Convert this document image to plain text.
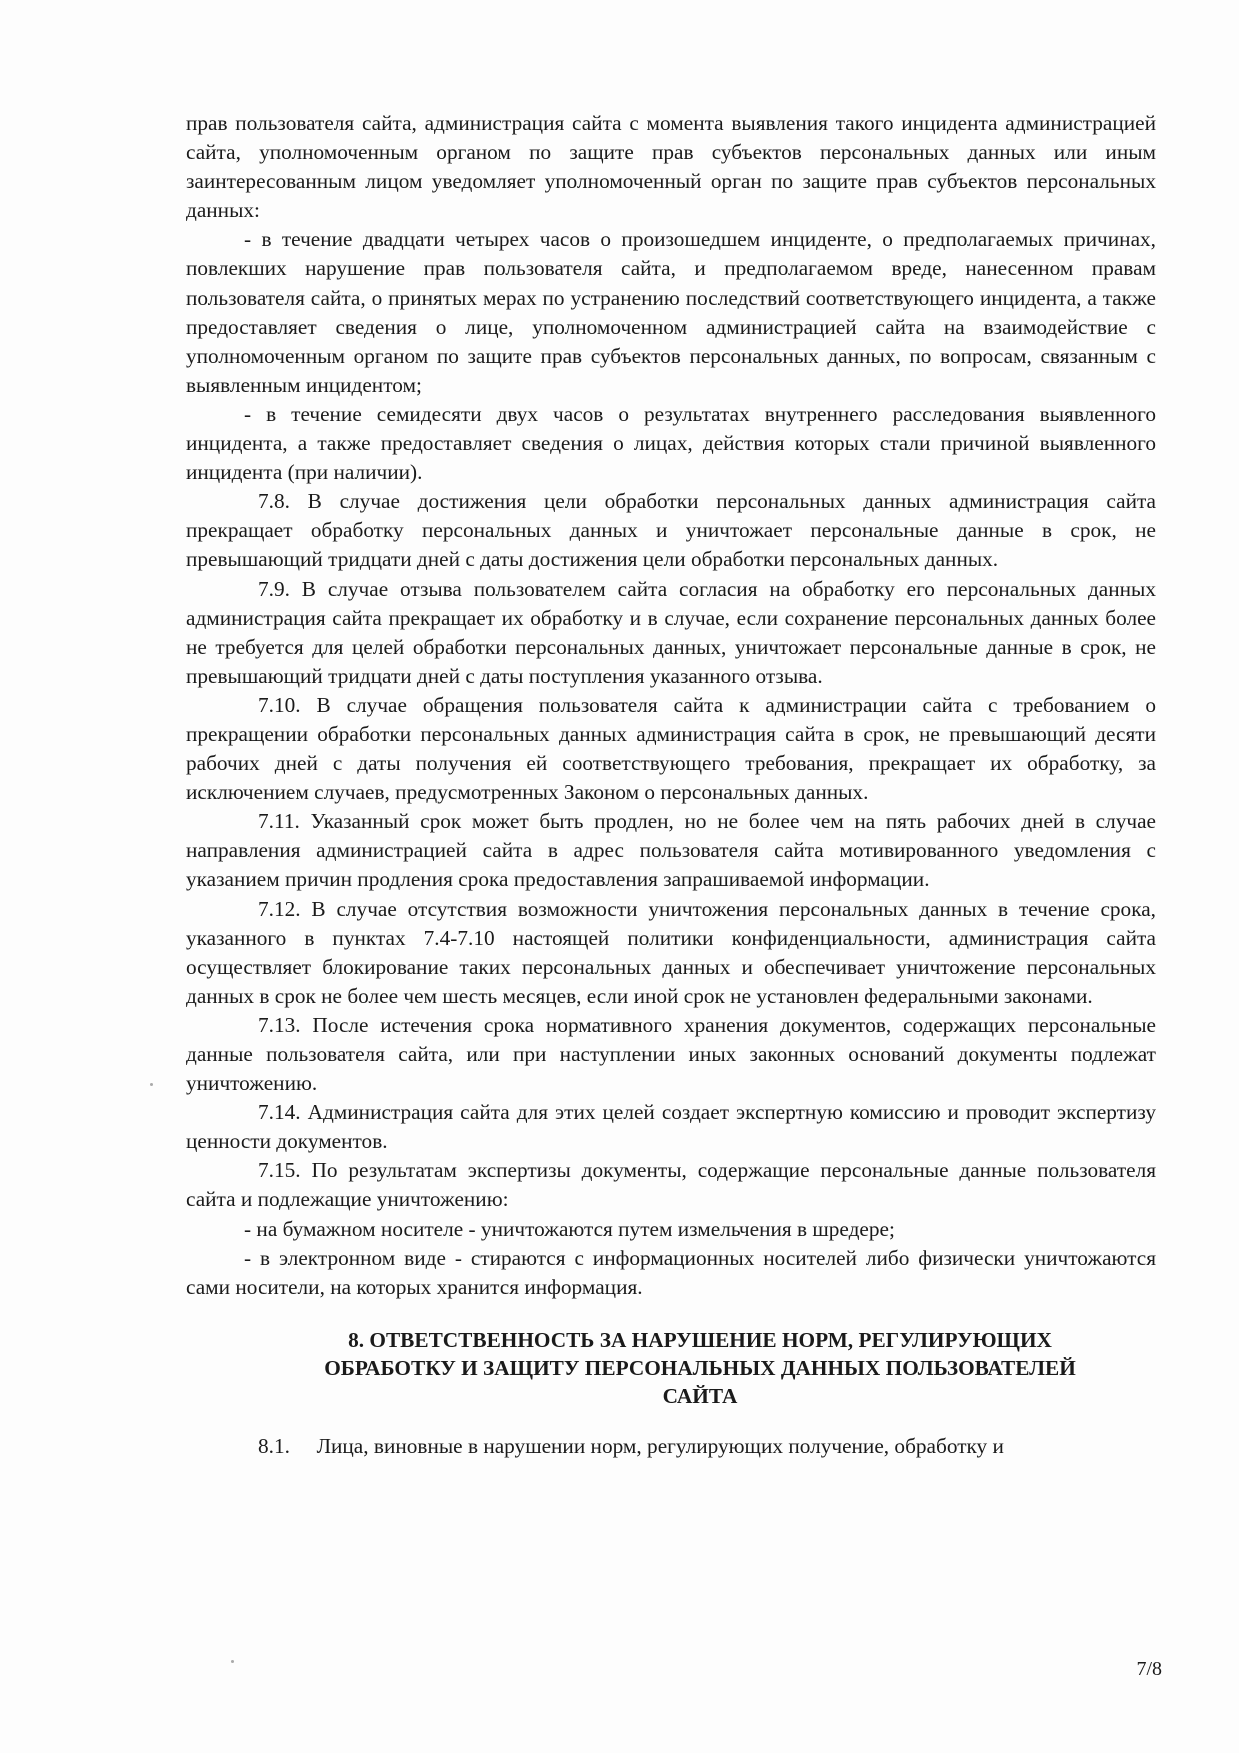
прав пользователя сайта, администрация сайта с момента выявления такого инцидента администрацией сайта, уполномоченным органом по защите прав субъектов персональных данных или иным заинтересованным лицом уведомляет уполномоченный орган по защите прав субъектов персональных данных:

- в течение двадцати четырех часов о произошедшем инциденте, о предполагаемых причинах, повлекших нарушение прав пользователя сайта, и предполагаемом вреде, нанесенном правам пользователя сайта, о принятых мерах по устранению последствий соответствующего инцидента, а также предоставляет сведения о лице, уполномоченном администрацией сайта на взаимодействие с уполномоченным органом по защите прав субъектов персональных данных, по вопросам, связанным с выявленным инцидентом;

- в течение семидесяти двух часов о результатах внутреннего расследования выявленного инцидента, а также предоставляет сведения о лицах, действия которых стали причиной выявленного инцидента (при наличии).

7.8. В случае достижения цели обработки персональных данных администрация сайта прекращает обработку персональных данных и уничтожает персональные данные в срок, не превышающий тридцати дней с даты достижения цели обработки персональных данных.

7.9. В случае отзыва пользователем сайта согласия на обработку его персональных данных администрация сайта прекращает их обработку и в случае, если сохранение персональных данных более не требуется для целей обработки персональных данных, уничтожает персональные данные в срок, не превышающий тридцати дней с даты поступления указанного отзыва.

7.10. В случае обращения пользователя сайта к администрации сайта с требованием о прекращении обработки персональных данных администрация сайта в срок, не превышающий десяти рабочих дней с даты получения ей соответствующего требования, прекращает их обработку, за исключением случаев, предусмотренных Законом о персональных данных.

7.11. Указанный срок может быть продлен, но не более чем на пять рабочих дней в случае направления администрацией сайта в адрес пользователя сайта мотивированного уведомления с указанием причин продления срока предоставления запрашиваемой информации.

7.12. В случае отсутствия возможности уничтожения персональных данных в течение срока, указанного в пунктах 7.4-7.10 настоящей политики конфиденциальности, администрация сайта осуществляет блокирование таких персональных данных и обеспечивает уничтожение персональных данных в срок не более чем шесть месяцев, если иной срок не установлен федеральными законами.

7.13. После истечения срока нормативного хранения документов, содержащих персональные данные пользователя сайта, или при наступлении иных законных оснований документы подлежат уничтожению.

7.14. Администрация сайта для этих целей создает экспертную комиссию и проводит экспертизу ценности документов.

7.15. По результатам экспертизы документы, содержащие персональные данные пользователя сайта и подлежащие уничтожению:

- на бумажном носителе - уничтожаются путем измельчения в шредере;

- в электронном виде - стираются с информационных носителей либо физически уничтожаются сами носители, на которых хранится информация.

8. ОТВЕТСТВЕННОСТЬ ЗА НАРУШЕНИЕ НОРМ, РЕГУЛИРУЮЩИХ
ОБРАБОТКУ И ЗАЩИТУ ПЕРСОНАЛЬНЫХ ДАННЫХ ПОЛЬЗОВАТЕЛЕЙ
САЙТА

8.1.     Лица, виновные в нарушении норм, регулирующих получение, обработку и

7/8
